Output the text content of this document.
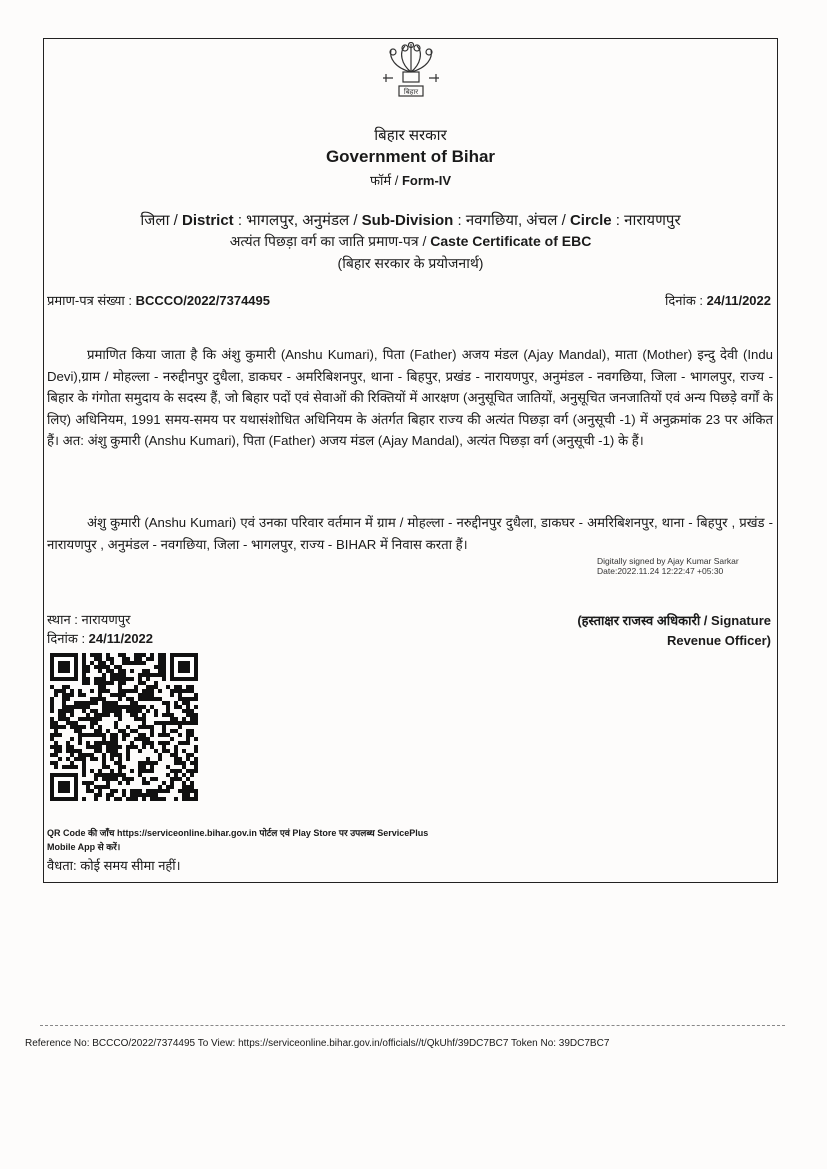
बिहार
बिहार सरकार
Government of Bihar
फॉर्म / Form-IV
जिला / District : भागलपुर, अनुमंडल / Sub-Division : नवगछिया, अंचल / Circle : नारायणपुर
अत्यंत पिछड़ा वर्ग का जाति प्रमाण-पत्र / Caste Certificate of EBC
(बिहार सरकार के प्रयोजनार्थ)
प्रमाण-पत्र संख्या : BCCCO/2022/7374495	दिनांक : 24/11/2022
प्रमाणित किया जाता है कि अंशु कुमारी (Anshu Kumari), पिता (Father) अजय मंडल (Ajay Mandal), माता (Mother) इन्दु देवी (Indu Devi),ग्राम / मोहल्ला - नरुद्दीनपुर दुधैला, डाकघर - अमरिबिशनपुर, थाना - बिहपुर, प्रखंड - नारायणपुर, अनुमंडल - नवगछिया, जिला - भागलपुर, राज्य - बिहार के गंगोता समुदाय के सदस्य हैं, जो बिहार पदों एवं सेवाओं की रिक्तियों में आरक्षण (अनुसूचित जातियों, अनुसूचित जनजातियों एवं अन्य पिछड़े वर्गों के लिए) अधिनियम, 1991 समय-समय पर यथासंशोधित अधिनियम के अंतर्गत बिहार राज्य की अत्यंत पिछड़ा वर्ग (अनुसूची -1) में अनुक्रमांक 23 पर अंकित हैं। अत: अंशु कुमारी (Anshu Kumari), पिता (Father) अजय मंडल (Ajay Mandal), अत्यंत पिछड़ा वर्ग (अनुसूची -1) के हैं।
अंशु कुमारी (Anshu Kumari) एवं उनका परिवार वर्तमान में ग्राम / मोहल्ला - नरुद्दीनपुर दुधैला, डाकघर - अमरिबिशनपुर, थाना - बिहपुर , प्रखंड - नारायणपुर , अनुमंडल - नवगछिया, जिला - भागलपुर, राज्य - BIHAR में निवास करता हैं।
Digitally signed by Ajay Kumar Sarkar
Date:2022.11.24 12:22:47 +05:30
स्थान : नारायणपुर
दिनांक : 24/11/2022
(हस्ताक्षर राजस्व अधिकारी / Signature
Revenue Officer)
QR Code की जाँच https://serviceonline.bihar.gov.in पोर्टल एवं Play Store पर उपलब्ध ServicePlus
Mobile App से करें।
वैधता: कोई समय सीमा नहीं।
Reference No: BCCCO/2022/7374495 To View: https://serviceonline.bihar.gov.in/officials//t/QkUhf/39DC7BC7 Token No: 39DC7BC7
